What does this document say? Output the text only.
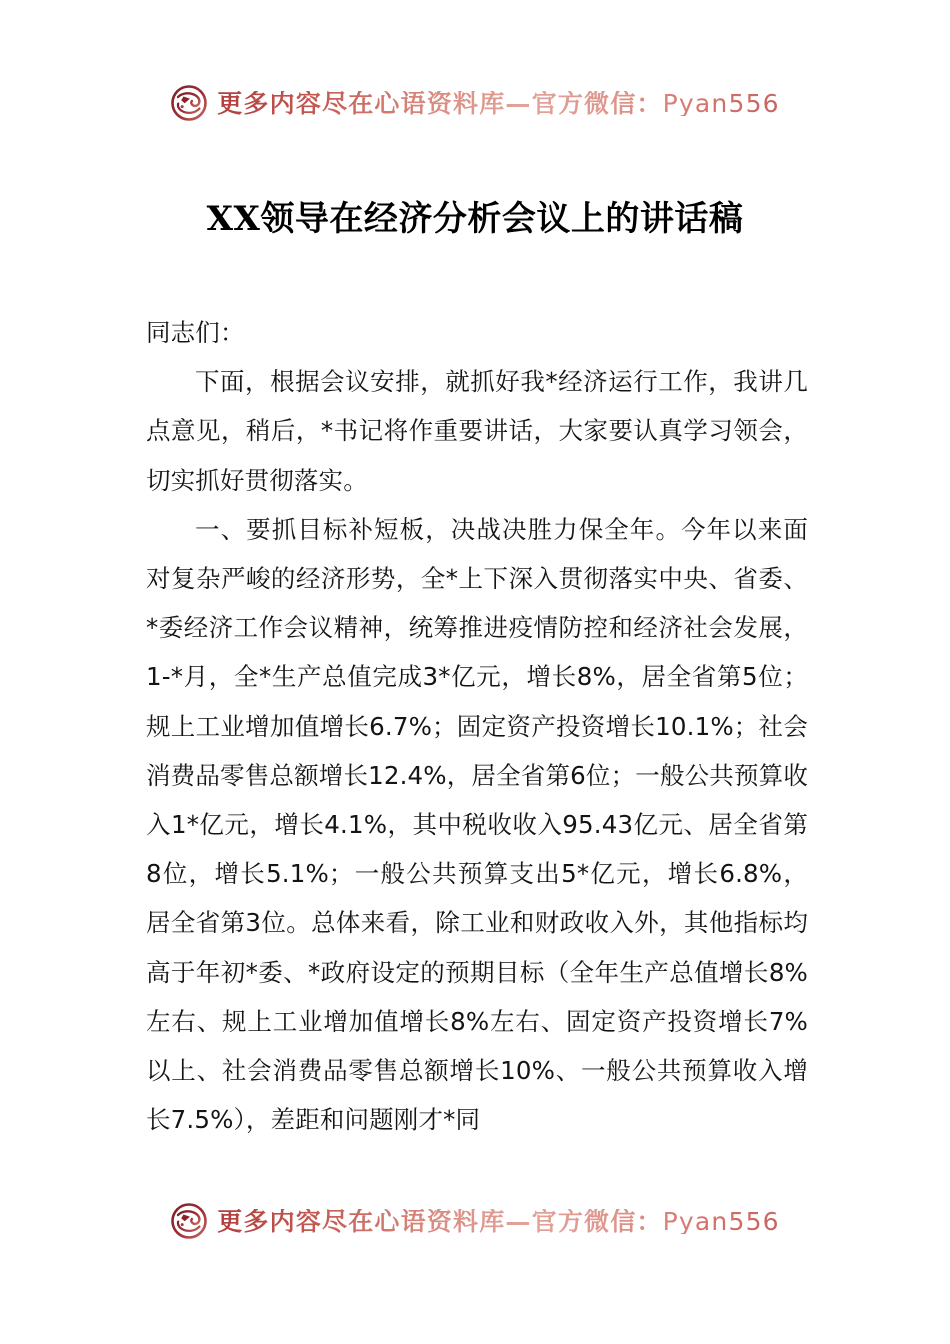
更多内容尽在心语资料库—官方微信：Pyan556
XX领导在经济分析会议上的讲话稿

同志们：

下面，根据会议安排，就抓好我*经济运行工作，我讲几点意见，稍后，*书记将作重要讲话，大家要认真学习领会，切实抓好贯彻落实。

一、要抓目标补短板，决战决胜力保全年。今年以来面对复杂严峻的经济形势，全*上下深入贯彻落实中央、省委、*委经济工作会议精神，统筹推进疫情防控和经济社会发展，1-*月，全*生产总值完成3*亿元，增长8%，居全省第5位；规上工业增加值增长6.7%；固定资产投资增长10.1%；社会消费品零售总额增长12.4%，居全省第6位；一般公共预算收入1*亿元，增长4.1%，其中税收收入95.43亿元、居全省第8位，增长5.1%；一般公共预算支出5*亿元，增长6.8%，居全省第3位。总体来看，除工业和财政收入外，其他指标均高于年初*委、*政府设定的预期目标（全年生产总值增长8%左右、规上工业增加值增长8%左右、固定资产投资增长7%以上、社会消费品零售总额增长10%、一般公共预算收入增长7.5%），差距和问题刚才*同

更多内容尽在心语资料库—官方微信：Pyan556
